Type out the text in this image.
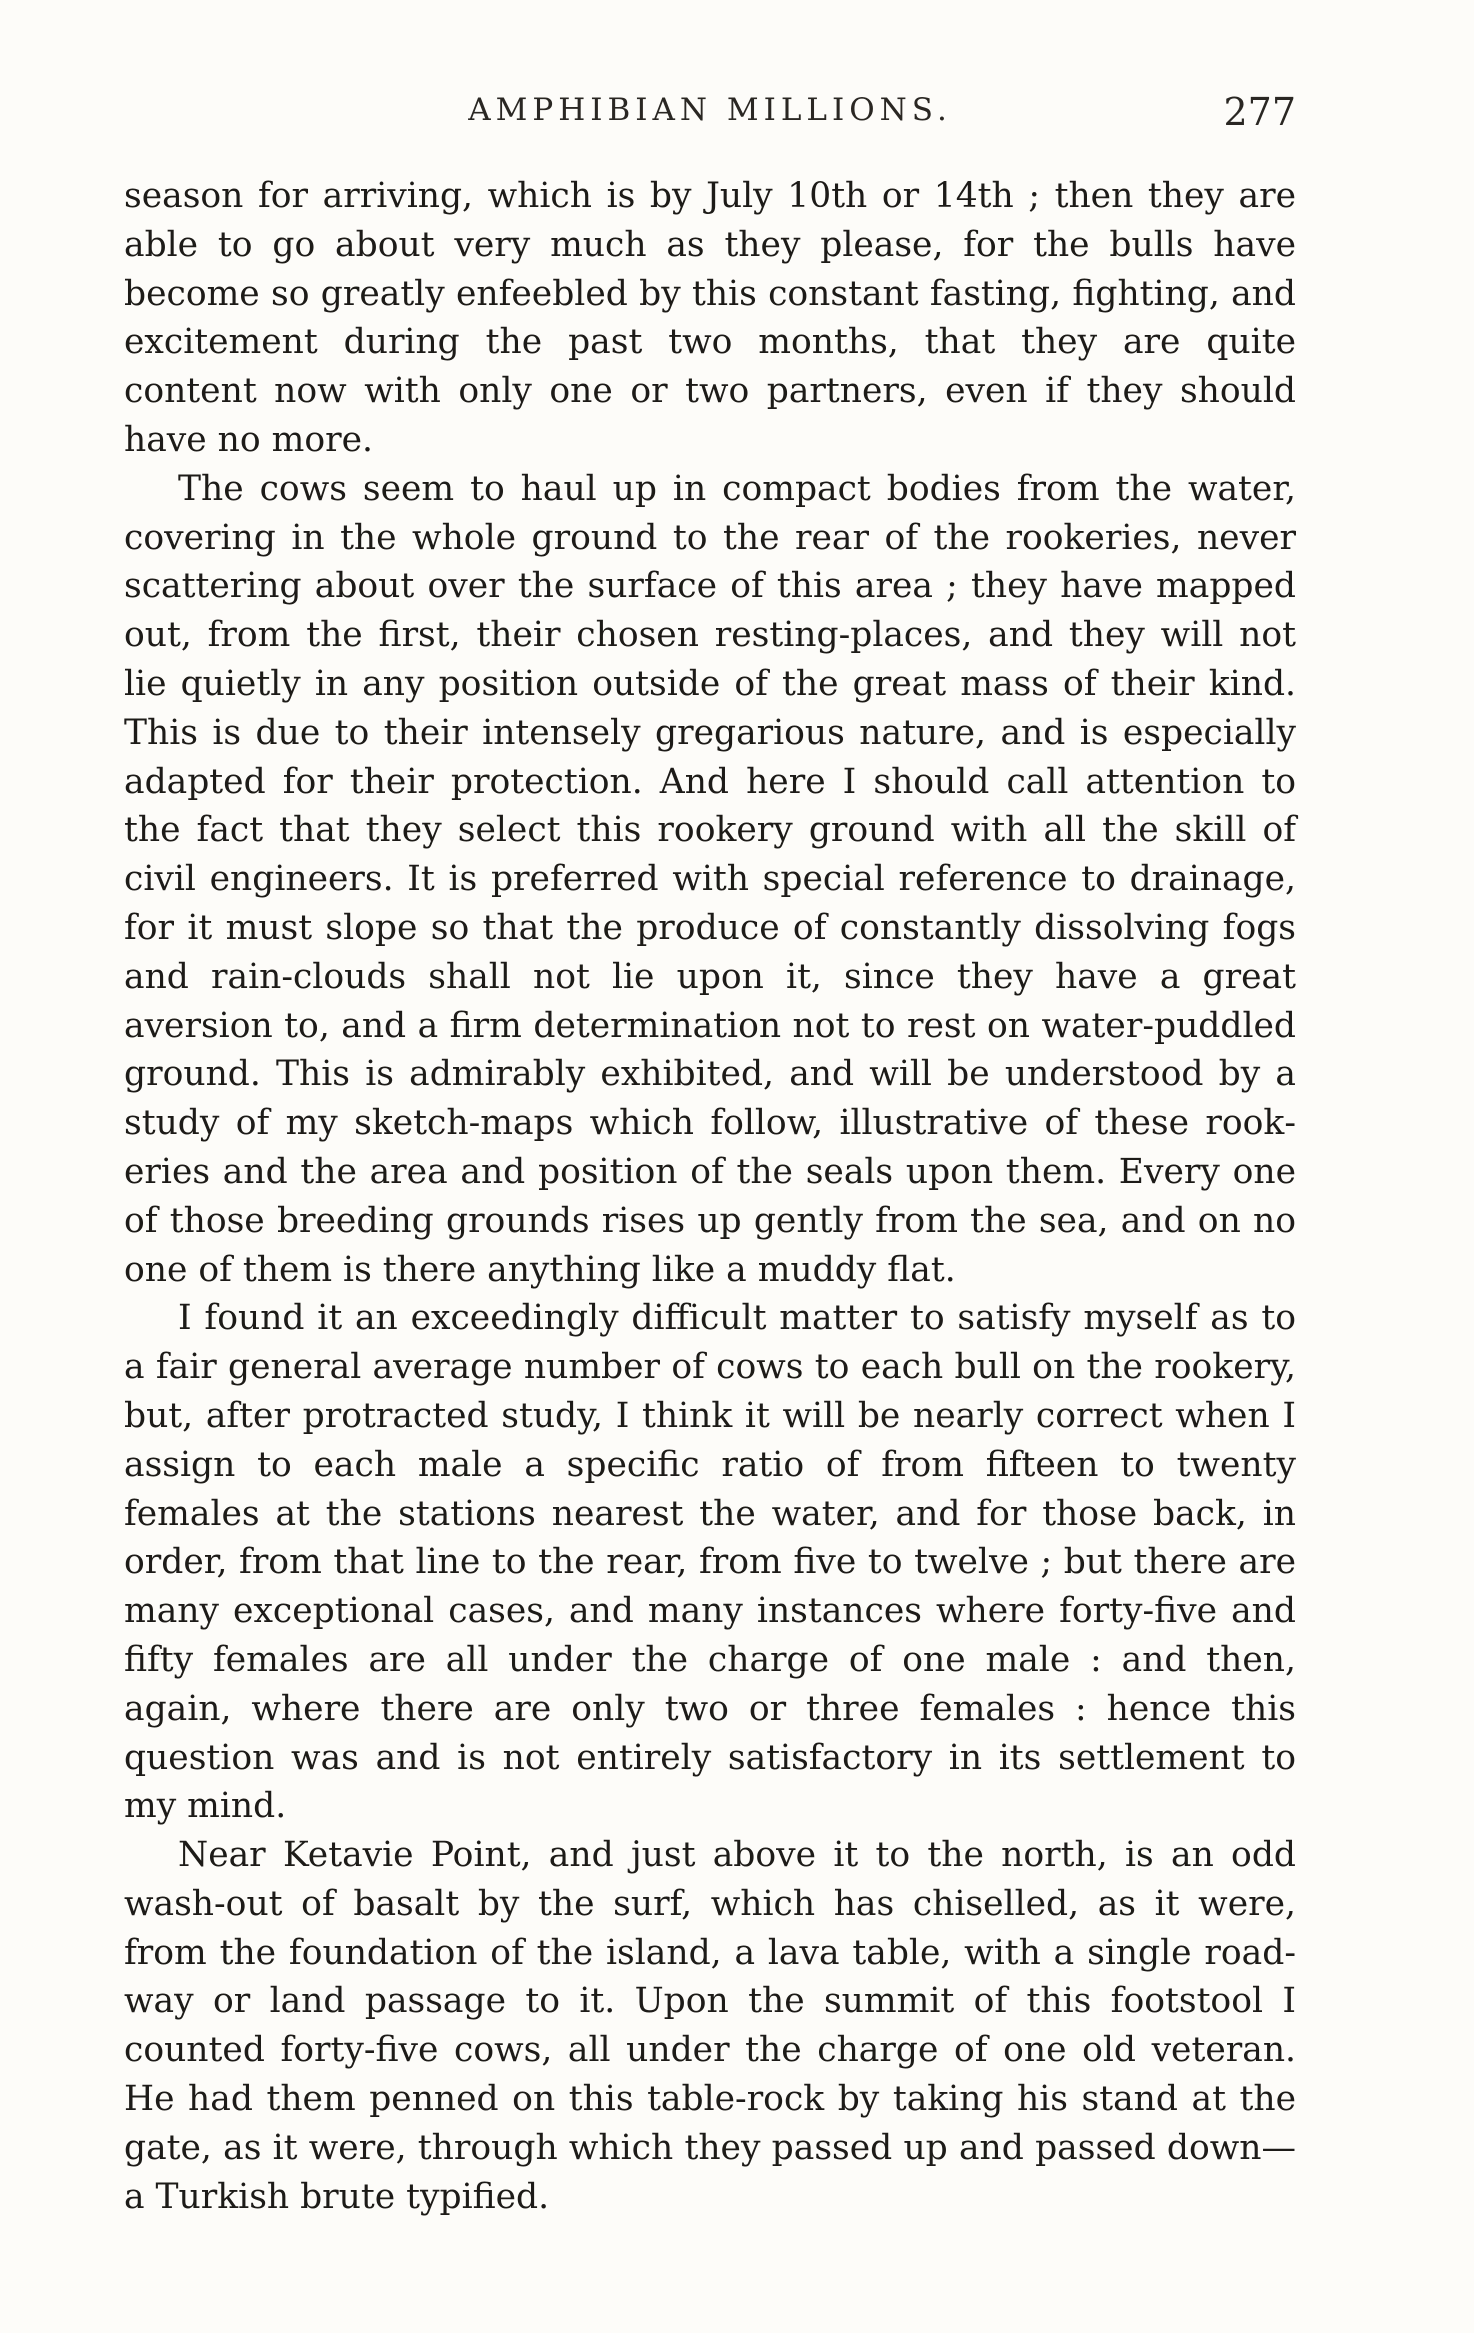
AMPHIBIAN MILLIONS.	277

season for arriving, which is by July 10th or 14th ; then they are able to go about very much as they please, for the bulls have become so greatly enfeebled by this constant fasting, fighting, and excitement during the past two months, that they are quite content now with only one or two partners, even if they should have no more.

The cows seem to haul up in compact bodies from the water, covering in the whole ground to the rear of the rookeries, never scattering about over the surface of this area ; they have mapped out, from the first, their chosen resting-places, and they will not lie quietly in any position outside of the great mass of their kind. This is due to their intensely gregarious nature, and is especially adapted for their protection. And here I should call attention to the fact that they select this rookery ground with all the skill of civil engineers. It is preferred with special reference to drainage, for it must slope so that the produce of constantly dissolving fogs and rain-clouds shall not lie upon it, since they have a great aversion to, and a firm determination not to rest on water-puddled ground. This is admirably exhibited, and will be understood by a study of my sketch-maps which follow, illustrative of these rookeries and the area and position of the seals upon them. Every one of those breeding grounds rises up gently from the sea, and on no one of them is there anything like a muddy flat.

I found it an exceedingly difficult matter to satisfy myself as to a fair general average number of cows to each bull on the rookery, but, after protracted study, I think it will be nearly correct when I assign to each male a specific ratio of from fifteen to twenty females at the stations nearest the water, and for those back, in order, from that line to the rear, from five to twelve ; but there are many exceptional cases, and many instances where forty-five and fifty females are all under the charge of one male : and then, again, where there are only two or three females : hence this question was and is not entirely satisfactory in its settlement to my mind.

Near Ketavie Point, and just above it to the north, is an odd wash-out of basalt by the surf, which has chiselled, as it were, from the foundation of the island, a lava table, with a single roadway or land passage to it. Upon the summit of this footstool I counted forty-five cows, all under the charge of one old veteran. He had them penned on this table-rock by taking his stand at the gate, as it were, through which they passed up and passed down—a Turkish brute typified.
